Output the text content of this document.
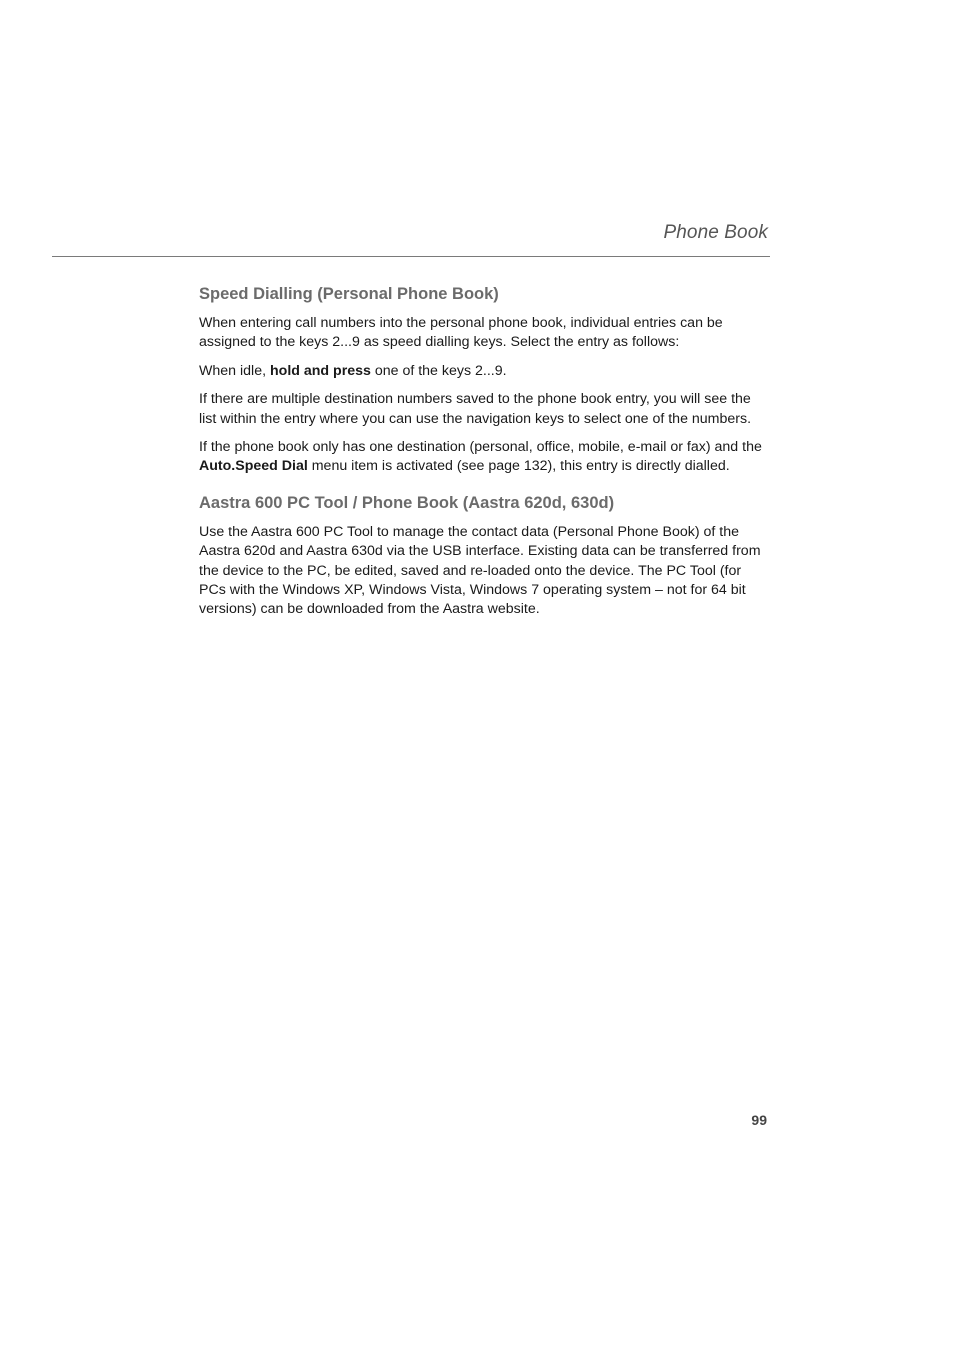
Phone Book
Speed Dialling (Personal Phone Book)

When entering call numbers into the personal phone book, individual entries can be assigned to the keys 2...9 as speed dialling keys. Select the entry as follows:

When idle, hold and press one of the keys 2...9.

If there are multiple destination numbers saved to the phone book entry, you will see the list within the entry where you can use the navigation keys to select one of the numbers.

If the phone book only has one destination (personal, office, mobile, e-mail or fax) and the Auto.Speed Dial menu item is activated (see page 132), this entry is directly dialled.

Aastra 600 PC Tool / Phone Book (Aastra 620d, 630d)

Use the Aastra 600 PC Tool to manage the contact data (Personal Phone Book) of the Aastra 620d and Aastra 630d via the USB interface. Existing data can be transferred from the device to the PC, be edited, saved and re-loaded onto the device. The PC Tool (for PCs with the Windows XP, Windows Vista, Windows 7 operating system – not for 64 bit versions) can be downloaded from the Aastra website.

99
